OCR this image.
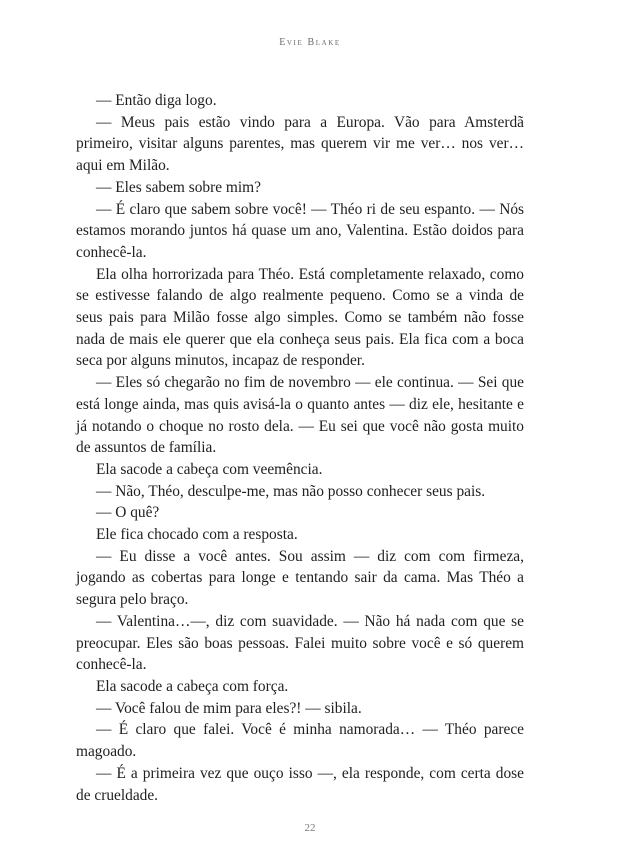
Evie Blake

— Então diga logo.

— Meus pais estão vindo para a Europa. Vão para Amsterdã primeiro, visitar alguns parentes, mas querem vir me ver… nos ver… aqui em Milão.

— Eles sabem sobre mim?

— É claro que sabem sobre você! — Théo ri de seu espanto. — Nós estamos morando juntos há quase um ano, Valentina. Estão doidos para conhecê-la.

Ela olha horrorizada para Théo. Está completamente relaxado, como se estivesse falando de algo realmente pequeno. Como se a vinda de seus pais para Milão fosse algo simples. Como se também não fosse nada de mais ele querer que ela conheça seus pais. Ela fica com a boca seca por alguns minutos, incapaz de responder.

— Eles só chegarão no fim de novembro — ele continua. — Sei que está longe ainda, mas quis avisá-la o quanto antes — diz ele, hesitante e já notando o choque no rosto dela. — Eu sei que você não gosta muito de assuntos de família.

Ela sacode a cabeça com veemência.

— Não, Théo, desculpe-me, mas não posso conhecer seus pais.

— O quê?

Ele fica chocado com a resposta.

— Eu disse a você antes. Sou assim — diz com com firmeza, jogando as cobertas para longe e tentando sair da cama. Mas Théo a segura pelo braço.

— Valentina…—, diz com suavidade. — Não há nada com que se preocupar. Eles são boas pessoas. Falei muito sobre você e só querem conhecê-la.

Ela sacode a cabeça com força.

— Você falou de mim para eles?! — sibila.

— É claro que falei. Você é minha namorada… — Théo parece magoado.

— É a primeira vez que ouço isso —, ela responde, com certa dose de crueldade.

22
